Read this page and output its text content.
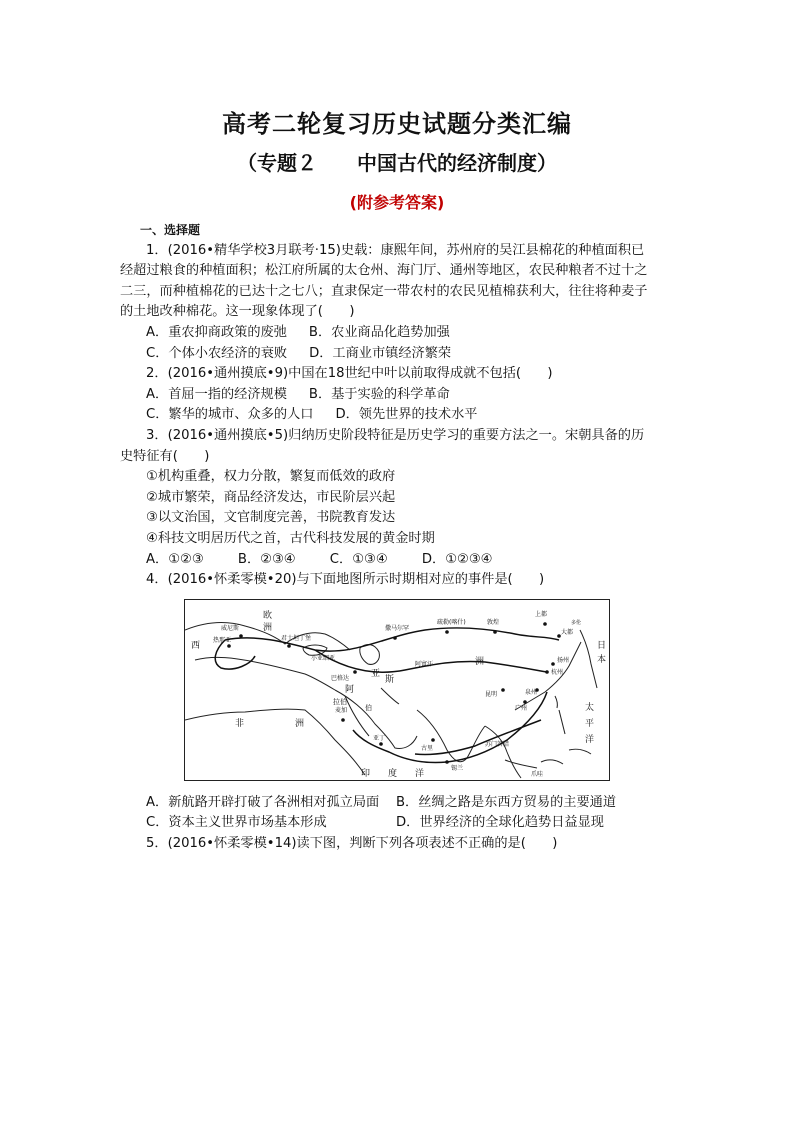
高考二轮复习历史试题分类汇编
（专题２　　中国古代的经济制度）
(附参考答案)
一、选择题

1．(2016•精华学校3月联考·15)史载：康熙年间，苏州府的吴江县棉花的种植面积已

经超过粮食的种植面积；松江府所属的太仓州、海门厅、通州等地区，农民种粮者不过十之

二三，而种植棉花的已达十之七八；直隶保定一带农村的农民见植棉获利大，往往将种麦子

的土地改种棉花。这一现象体现了(　　)

A．重农抑商政策的废弛 B．农业商品化趋势加强
C．个体小农经济的衰败 D．工商业市镇经济繁荣

2．(2016•通州摸底•9)中国在18世纪中叶以前取得成就不包括(　　)

A．首屈一指的经济规模 B．基于实验的科学革命
C．繁华的城市、众多的人口 D．领先世界的技术水平

3．(2016•通州摸底•5)归纳历史阶段特征是历史学习的重要方法之一。宋朝具备的历

史特征有(　　)

①机构重叠，权力分散，繁复而低效的政府

②城市繁荣，商品经济发达，市民阶层兴起

③以文治国，文官制度完善，书院教育发达

④科技文明居历代之首，古代科技发展的黄金时期

A．①②③	B．②③④	C．①③④	D．①②③④

4．(2016•怀柔零模•20)与下面地图所示时期相对应的事件是(　　)

欧
洲
西
威尼斯
热那亚	君士坦丁堡
小亚细亚
亚
巴格达	斯
阿
拉伯
麦加	伯
亚丁
非	洲
撒马尔罕
疏勒(喀什)	敦煌
阿富汗	洲
上都
大都
多伦
扬州
杭州
泉州
广州
昆明
锡兰
古里
日
本
太
平
洋
印　　度　　洋	爪哇
苏门答腊
A．新航路开辟打破了各洲相对孤立局面	B．丝绸之路是东西方贸易的主要通道
C．资本主义世界市场基本形成	D．世界经济的全球化趋势日益显现

5．(2016•怀柔零模•14)读下图，判断下列各项表述不正确的是(　　)
